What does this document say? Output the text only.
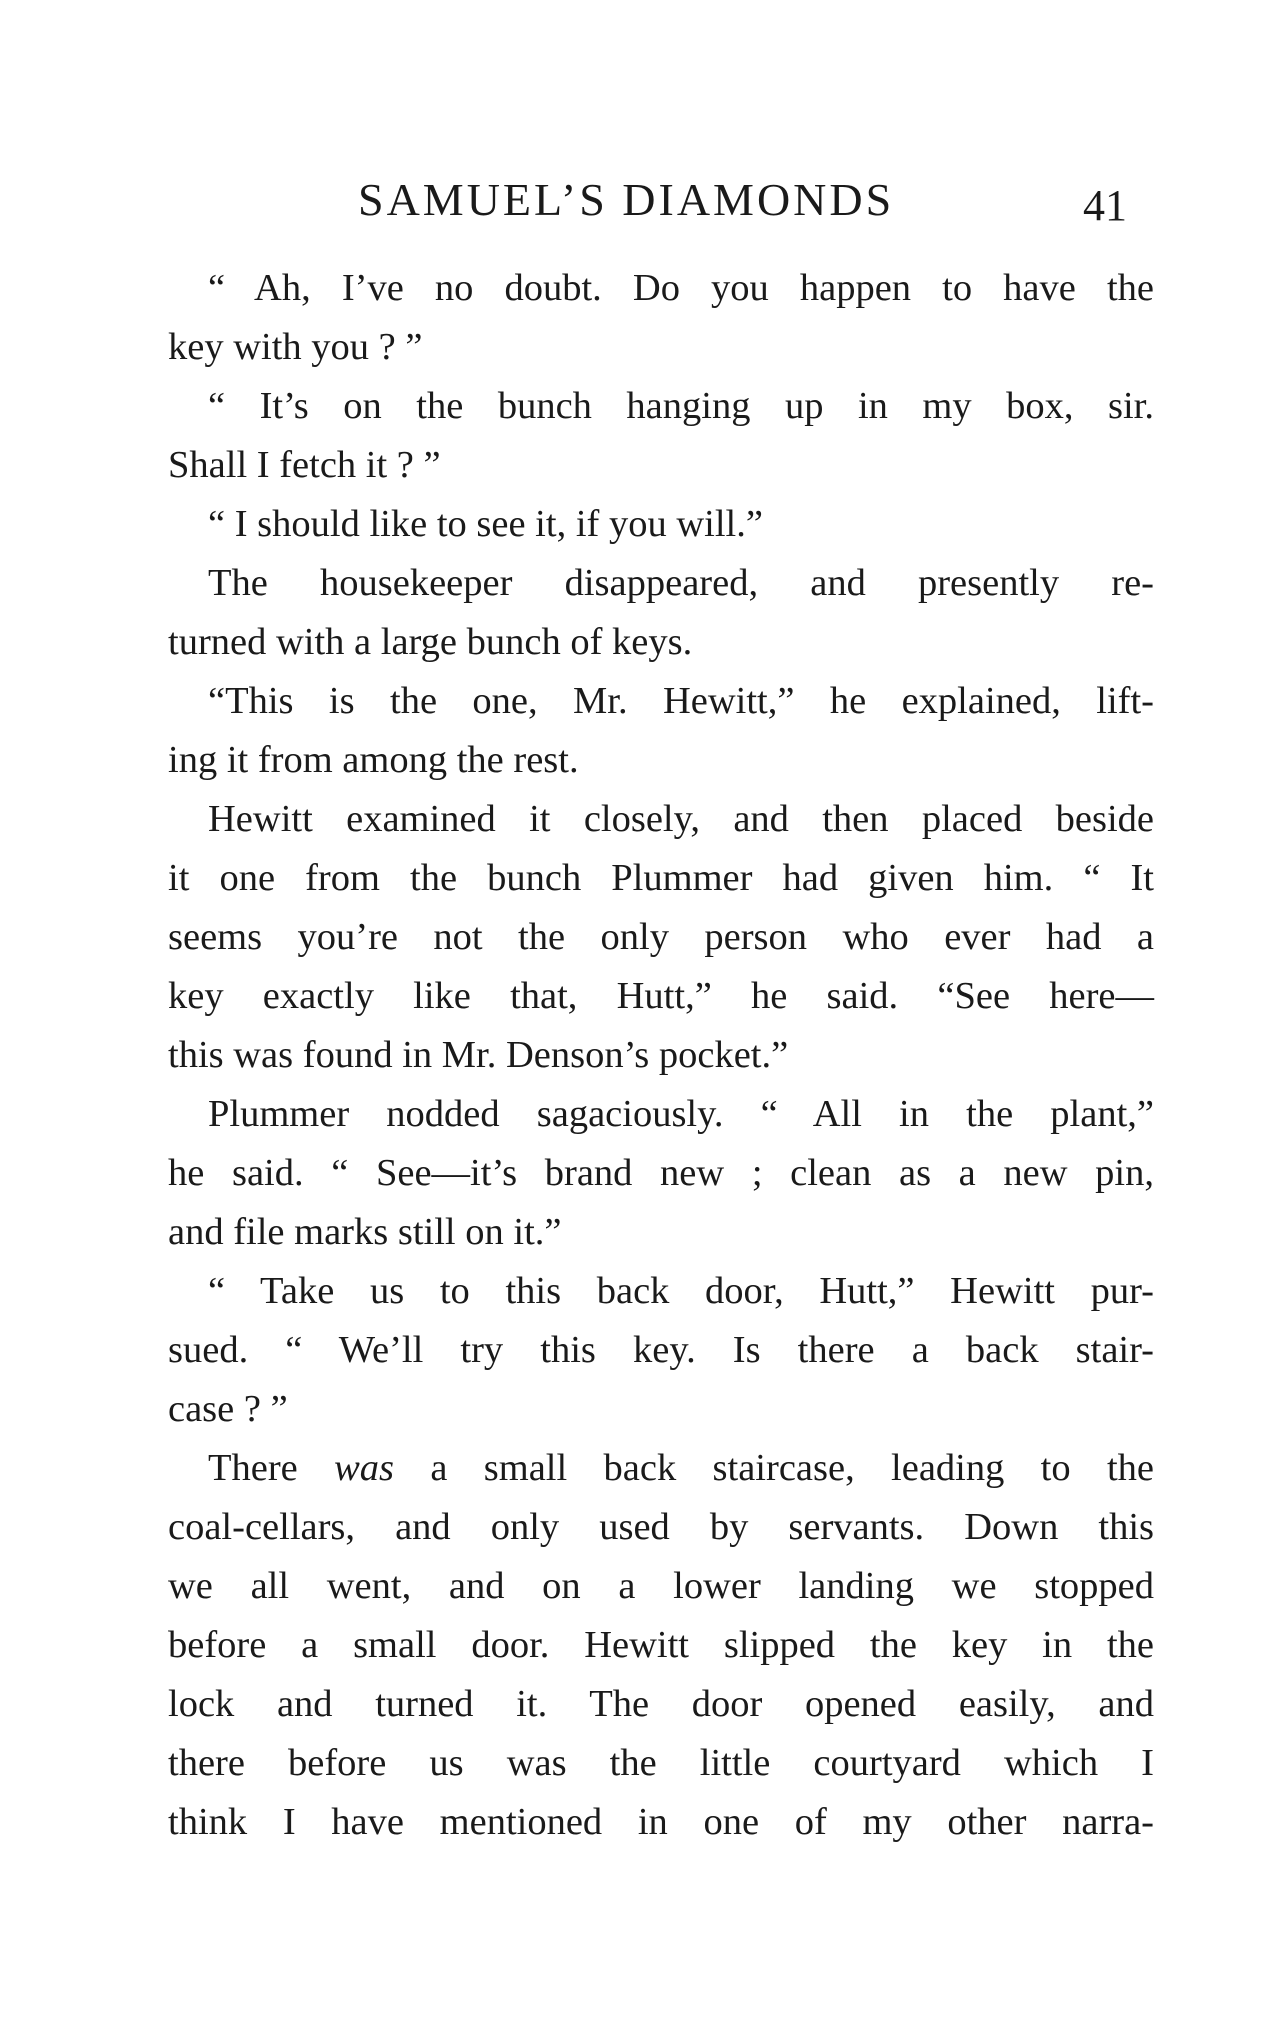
SAMUEL’S DIAMONDS	41
“ Ah, I’ve no doubt. Do you happen to have the
key with you ? ”
“ It’s on the bunch hanging up in my box, sir.
Shall I fetch it ? ”
“ I should like to see it, if you will.”
The housekeeper disappeared, and presently re-
turned with a large bunch of keys.
“This is the one, Mr. Hewitt,” he explained, lift-
ing it from among the rest.
Hewitt examined it closely, and then placed beside
it one from the bunch Plummer had given him. “ It
seems you’re not the only person who ever had a
key exactly like that, Hutt,” he said. “See here—
this was found in Mr. Denson’s pocket.”
Plummer nodded sagaciously. “ All in the plant,”
he said. “ See—it’s brand new ; clean as a new pin,
and file marks still on it.”
“ Take us to this back door, Hutt,” Hewitt pur-
sued. “ We’ll try this key. Is there a back stair-
case ? ”
There was a small back staircase, leading to the
coal-cellars, and only used by servants. Down this
we all went, and on a lower landing we stopped
before a small door. Hewitt slipped the key in the
lock and turned it. The door opened easily, and
there before us was the little courtyard which I
think I have mentioned in one of my other narra-
